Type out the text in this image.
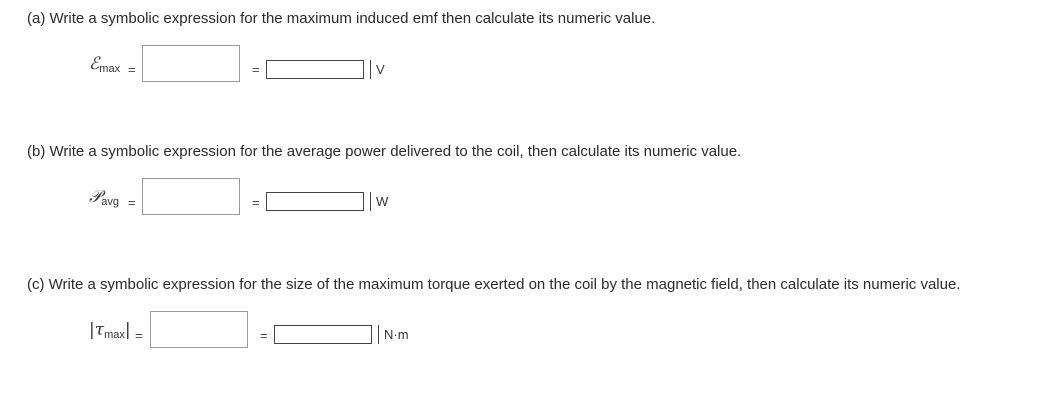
(a) Write a symbolic expression for the maximum induced emf then calculate its numeric value.
ℰ$_{max}$ =	=	V
(b) Write a symbolic expression for the average power delivered to the coil, then calculate its numeric value.
𝒫$_{avg}$ =	=	W
(c) Write a symbolic expression for the size of the maximum torque exerted on the coil by the magnetic field, then calculate its numeric value.
$|\tau_{max}|$ =	=	N·m
